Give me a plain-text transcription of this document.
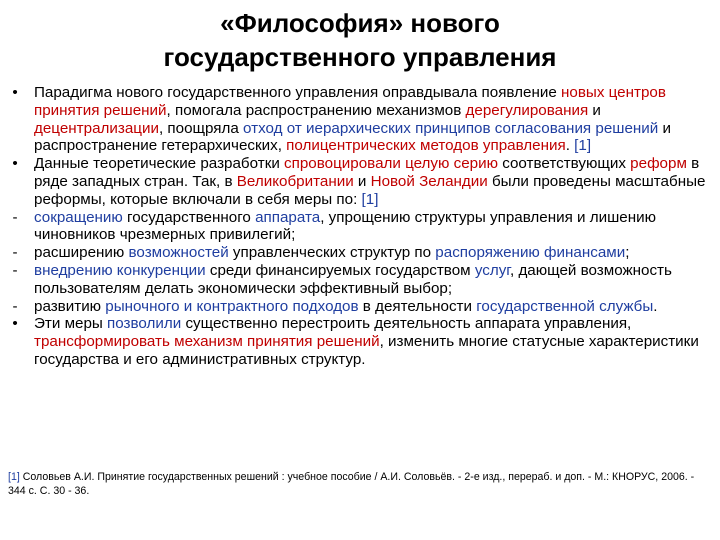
«Философия» нового
государственного управления
• Парадигма нового государственного управления оправдывала появление новых центров принятия решений, помогала распространению механизмов дерегулирования и децентрализации, поощряла отход от иерархических принципов согласования решений и распространение гетерархических, полицентрических методов управления. [1]
• Данные теоретические разработки спровоцировали целую серию соответствующих реформ в ряде западных стран. Так, в Великобритании и Новой Зеландии были проведены масштабные реформы, которые включали в себя меры по: [1]
- сокращению государственного аппарата, упрощению структуры управления и лишению чиновников чрезмерных привилегий;
- расширению возможностей управленческих структур по распоряжению финансами;
- внедрению конкуренции среди финансируемых государством услуг, дающей возможность пользователям делать экономически эффективный выбор;
- развитию рыночного и контрактного подходов в деятельности государственной службы.
• Эти меры позволили существенно перестроить деятельность аппарата управления, трансформировать механизм принятия решений, изменить многие статусные характеристики государства и его административных структур.
[1] Соловьев А.И. Принятие государственных решений : учебное пособие / А.И. Соловьёв. - 2-е изд., перераб. и доп. - М.: КНОРУС, 2006. - 344 с. С. 30 - 36.
